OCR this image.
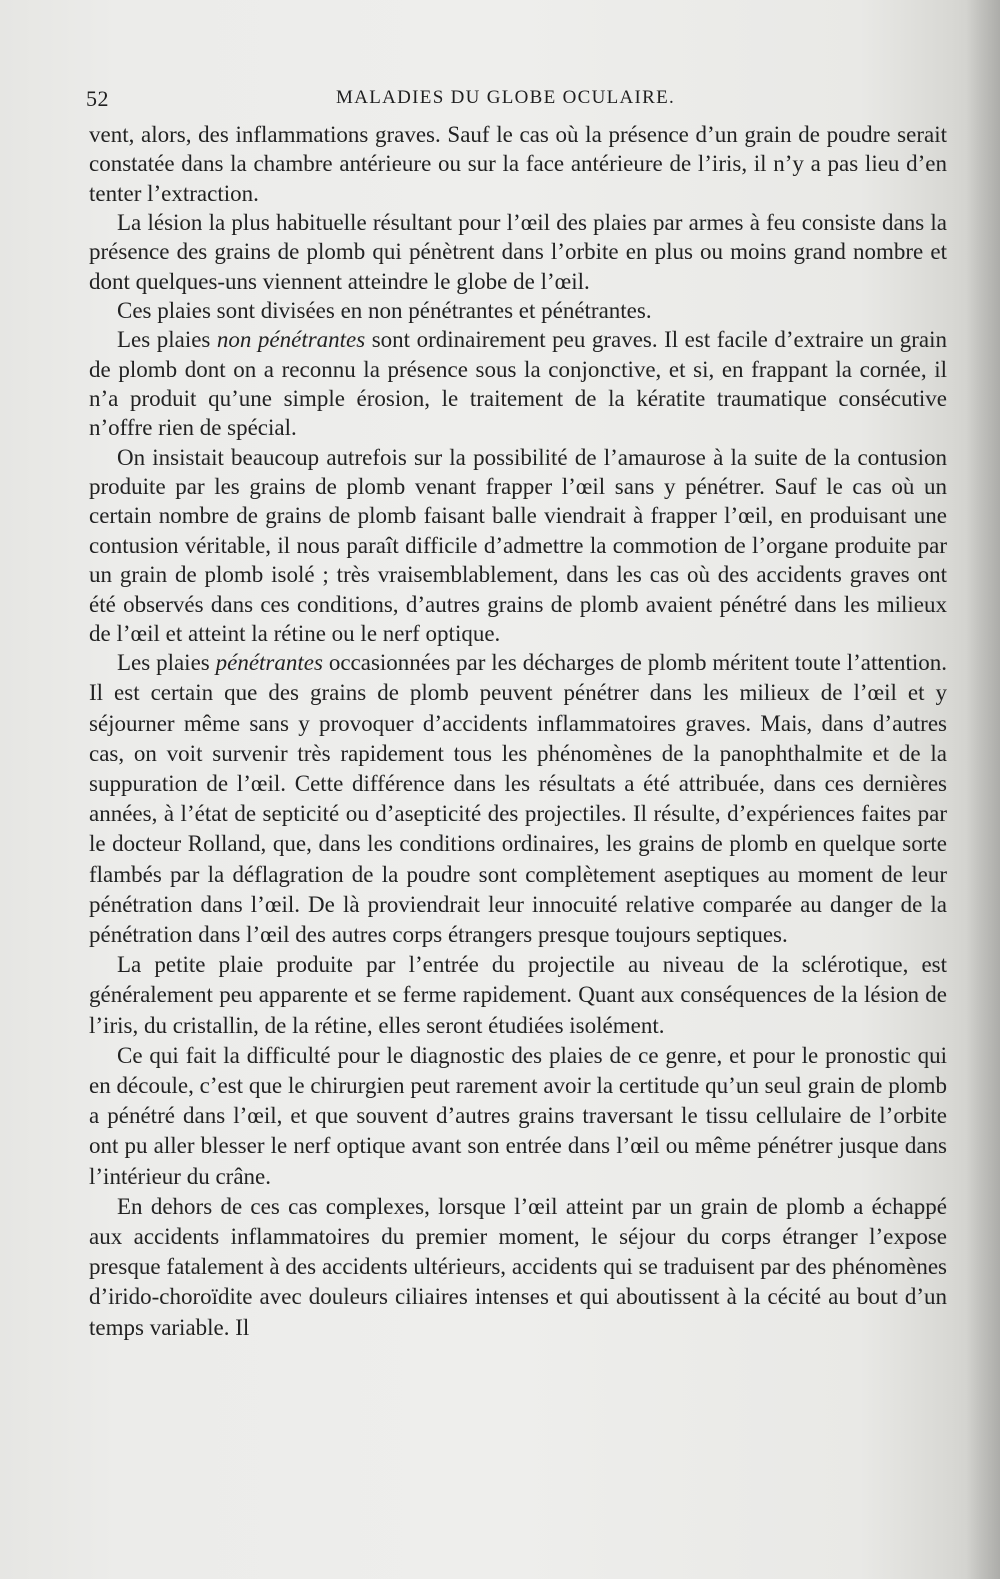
52	MALADIES DU GLOBE OCULAIRE.

vent, alors, des inflammations graves. Sauf le cas où la présence d’un grain de poudre serait constatée dans la chambre antérieure ou sur la face antérieure de l’iris, il n’y a pas lieu d’en tenter l’extraction.

La lésion la plus habituelle résultant pour l’œil des plaies par armes à feu consiste dans la présence des grains de plomb qui pénètrent dans l’orbite en plus ou moins grand nombre et dont quelques-uns viennent atteindre le globe de l’œil.

Ces plaies sont divisées en non pénétrantes et pénétrantes.

Les plaies non pénétrantes sont ordinairement peu graves. Il est facile d’extraire un grain de plomb dont on a reconnu la présence sous la conjonctive, et si, en frappant la cornée, il n’a produit qu’une simple érosion, le traitement de la kératite traumatique consécutive n’offre rien de spécial.

On insistait beaucoup autrefois sur la possibilité de l’amaurose à la suite de la contusion produite par les grains de plomb venant frapper l’œil sans y pénétrer. Sauf le cas où un certain nombre de grains de plomb faisant balle viendrait à frapper l’œil, en produisant une contusion véritable, il nous paraît difficile d’admettre la commotion de l’organe produite par un grain de plomb isolé ; très vraisemblablement, dans les cas où des accidents graves ont été observés dans ces conditions, d’autres grains de plomb avaient pénétré dans les milieux de l’œil et atteint la rétine ou le nerf optique.

Les plaies pénétrantes occasionnées par les décharges de plomb méritent toute l’attention. Il est certain que des grains de plomb peuvent pénétrer dans les milieux de l’œil et y séjourner même sans y provoquer d’accidents inflammatoires graves. Mais, dans d’autres cas, on voit survenir très rapidement tous les phénomènes de la panophthalmite et de la suppuration de l’œil. Cette différence dans les résultats a été attribuée, dans ces dernières années, à l’état de septicité ou d’asepticité des projectiles. Il résulte, d’expériences faites par le docteur Rolland, que, dans les conditions ordinaires, les grains de plomb en quelque sorte flambés par la déflagration de la poudre sont complètement aseptiques au moment de leur pénétration dans l’œil. De là proviendrait leur innocuité relative comparée au danger de la pénétration dans l’œil des autres corps étrangers presque toujours septiques.

La petite plaie produite par l’entrée du projectile au niveau de la sclérotique, est généralement peu apparente et se ferme rapidement. Quant aux conséquences de la lésion de l’iris, du cristallin, de la rétine, elles seront étudiées isolément.

Ce qui fait la difficulté pour le diagnostic des plaies de ce genre, et pour le pronostic qui en découle, c’est que le chirurgien peut rarement avoir la certitude qu’un seul grain de plomb a pénétré dans l’œil, et que souvent d’autres grains traversant le tissu cellulaire de l’orbite ont pu aller blesser le nerf optique avant son entrée dans l’œil ou même pénétrer jusque dans l’intérieur du crâne.

En dehors de ces cas complexes, lorsque l’œil atteint par un grain de plomb a échappé aux accidents inflammatoires du premier moment, le séjour du corps étranger l’expose presque fatalement à des accidents ultérieurs, accidents qui se traduisent par des phénomènes d’irido-choroïdite avec douleurs ciliaires intenses et qui aboutissent à la cécité au bout d’un temps variable. Il
